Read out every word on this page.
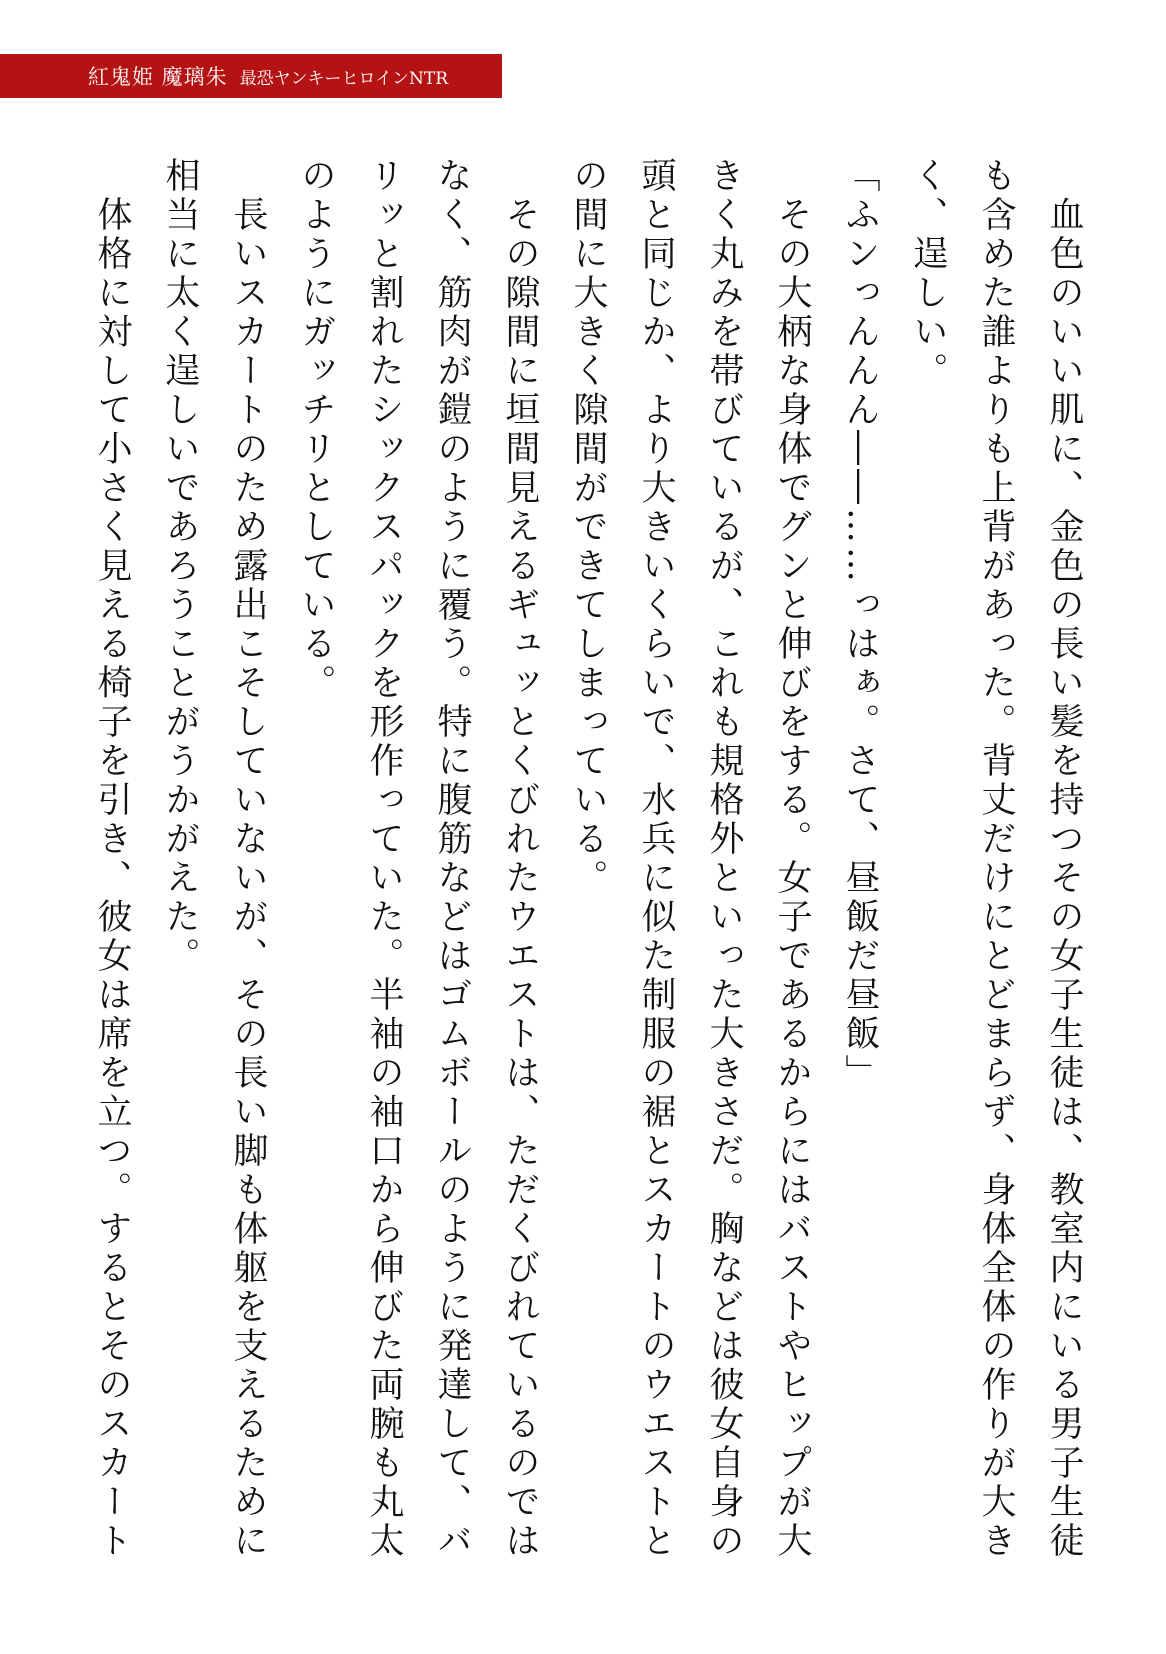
紅鬼姫 魔璃朱 最恐ヤンキーヒロインNTR

　血色のいい肌に、金色の長い髪を持つその女子生徒は、教室内にいる男子生徒

も含めた誰よりも上背があった。背丈だけにとどまらず、身体全体の作りが大き

く、逞しい。

「ふンっんんん――……っはぁ。さて、昼飯だ昼飯」

　その大柄な身体でグンと伸びをする。女子であるからにはバストやヒップが大

きく丸みを帯びているが、これも規格外といった大きさだ。胸などは彼女自身の

頭と同じか、より大きいくらいで、水兵に似た制服の裾とスカートのウエストと

の間に大きく隙間ができてしまっている。

　その隙間に垣間見えるギュッとくびれたウエストは、ただくびれているのでは

なく、筋肉が鎧のように覆う。特に腹筋などはゴムボールのように発達して、バ

リッと割れたシックスパックを形作っていた。半袖の袖口から伸びた両腕も丸太

のようにガッチリとしている。

　長いスカートのため露出こそしていないが、その長い脚も体躯を支えるために

相当に太く逞しいであろうことがうかがえた。

　体格に対して小さく見える椅子を引き、彼女は席を立つ。するとそのスカート
